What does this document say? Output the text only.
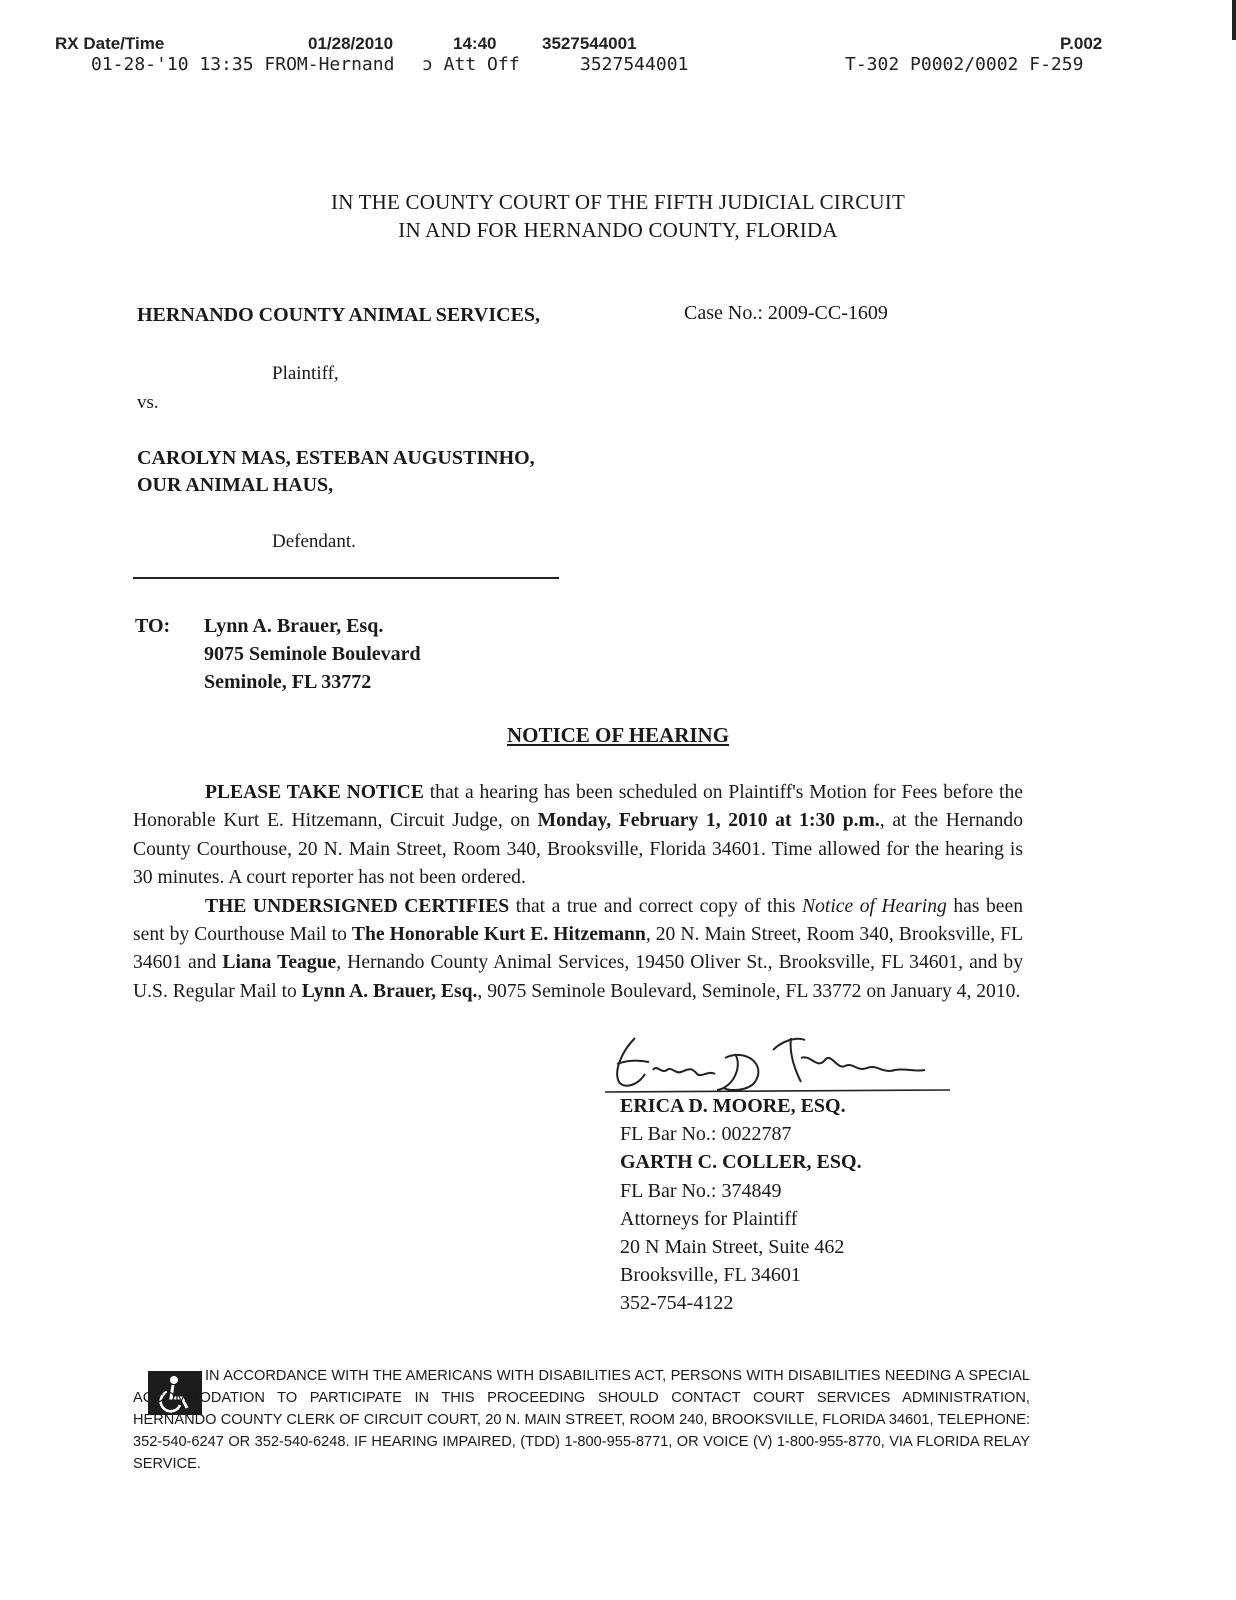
RX Date/Time	01/28/2010	14:40	3527544001	P.002
01-28-'10 13:35 FROM-Hernand ɔ Att Off	3527544001	T-302 P0002/0002 F-259
IN THE COUNTY COURT OF THE FIFTH JUDICIAL CIRCUIT
IN AND FOR HERNANDO COUNTY, FLORIDA
HERNANDO COUNTY ANIMAL SERVICES,	Case No.: 2009-CC-1609
Plaintiff,
vs.
CAROLYN MAS, ESTEBAN AUGUSTINHO,
OUR ANIMAL HAUS,
Defendant.
TO: Lynn A. Brauer, Esq.
9075 Seminole Boulevard
Seminole, FL 33772
NOTICE OF HEARING

PLEASE TAKE NOTICE that a hearing has been scheduled on Plaintiff's Motion for Fees before the Honorable Kurt E. Hitzemann, Circuit Judge, on Monday, February 1, 2010 at 1:30 p.m., at the Hernando County Courthouse, 20 N. Main Street, Room 340, Brooksville, Florida 34601. Time allowed for the hearing is 30 minutes. A court reporter has not been ordered.

THE UNDERSIGNED CERTIFIES that a true and correct copy of this Notice of Hearing has been sent by Courthouse Mail to The Honorable Kurt E. Hitzemann, 20 N. Main Street, Room 340, Brooksville, FL 34601 and Liana Teague, Hernando County Animal Services, 19450 Oliver St., Brooksville, FL 34601, and by U.S. Regular Mail to Lynn A. Brauer, Esq., 9075 Seminole Boulevard, Seminole, FL 33772 on January 4, 2010.

ERICA D. MOORE, ESQ.
FL Bar No.: 0022787
GARTH C. COLLER, ESQ.
FL Bar No.: 374849
Attorneys for Plaintiff
20 N Main Street, Suite 462
Brooksville, FL 34601
352-754-4122
IN ACCORDANCE WITH THE AMERICANS WITH DISABILITIES ACT, PERSONS WITH DISABILITIES NEEDING A SPECIAL ACCOMMODATION TO PARTICIPATE IN THIS PROCEEDING SHOULD CONTACT COURT SERVICES ADMINISTRATION, HERNANDO COUNTY CLERK OF CIRCUIT COURT, 20 N. MAIN STREET, ROOM 240, BROOKSVILLE, FLORIDA 34601, TELEPHONE: 352-540-6247 OR 352-540-6248. IF HEARING IMPAIRED, (TDD) 1-800-955-8771, OR VOICE (V) 1-800-955-8770, VIA FLORIDA RELAY SERVICE.
